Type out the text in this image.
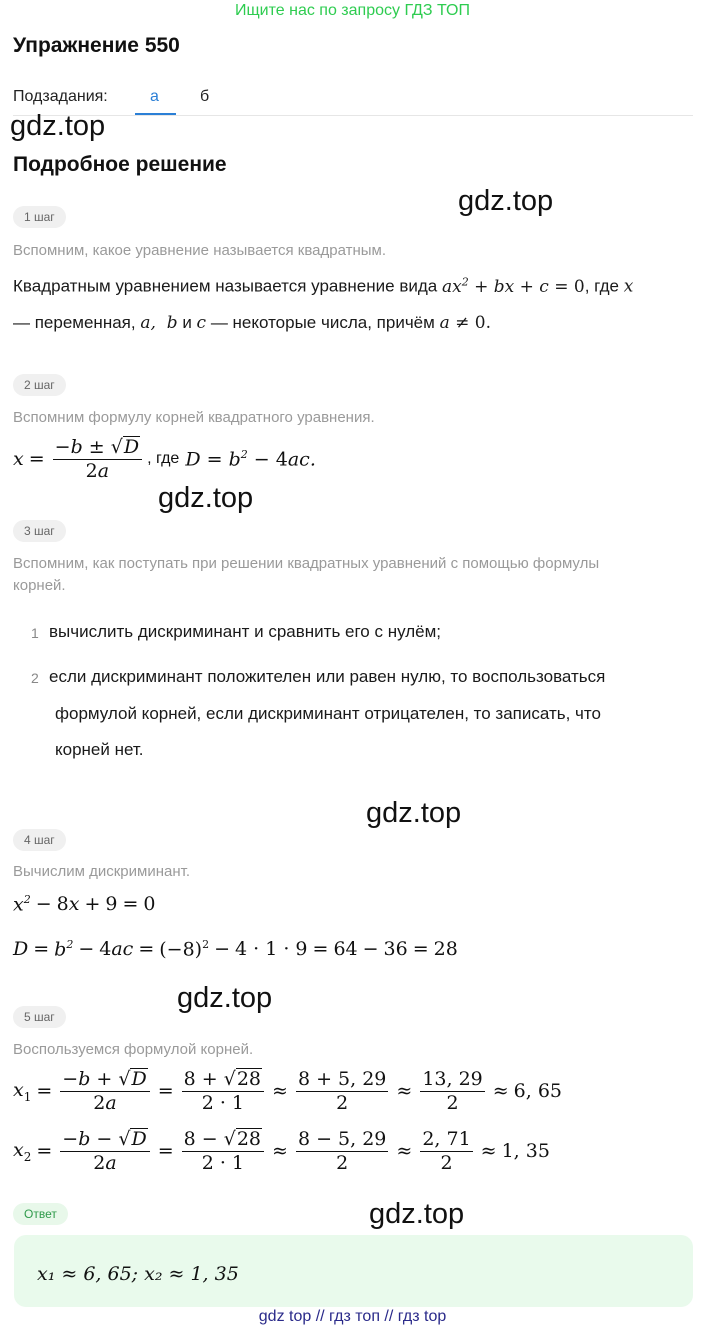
Ищите нас по запросу ГДЗ ТОП
Упражнение 550
Подзадания:	а	б
gdz.top
Подробное решение
gdz.top
1 шаг
Вспомним, какое уравнение называется квадратным.
Квадратным уравнением называется уравнение вида $ax^2$ + bx + c = 0, где x
— переменная, a,  b и c — некоторые числа, причём a ≠ 0.
2 шаг
Вспомним формулу корней квадратного уравнения.
$x = \frac{-b \pm √D}{2a}$ , где $D = b^2 - 4ac$.
gdz.top
3 шаг
Вспомним, как поступать при решении квадратных уравнений с помощью формулы
корней.
1 вычислить дискриминант и сравнить его с нулём;
2 если дискриминант положителен или равен нулю, то воспользоваться
формулой корней, если дискриминант отрицателен, то записать, что
корней нет.
gdz.top
4 шаг
Вычислим дискриминант.
$x^2 - 8$ x + 9 = 0
$D = b^2 - 4$ ac = $(-8)^2 - 4 \cdot 1 \cdot 9 = 64 - 36 = 28$
gdz.top
5 шаг
Воспользуемся формулой корней.
$x_1 = \frac{-b + √D}{2a} = \frac{8 + √28}{2 \cdot 1} \approx \frac{8 + 5, 29}{2} \approx \frac{13, 29}{2} \approx 6$, 65
$x_2 = \frac{-b - √D}{2a} = \frac{8 - √28}{2 \cdot 1} \approx \frac{8 - 5, 29}{2} \approx \frac{2, 71}{2} \approx 1$, 35
Ответ	gdz.top
x₁ ≈ 6, 65; x₂ ≈ 1, 35
gdz top // гдз топ // гдз top
